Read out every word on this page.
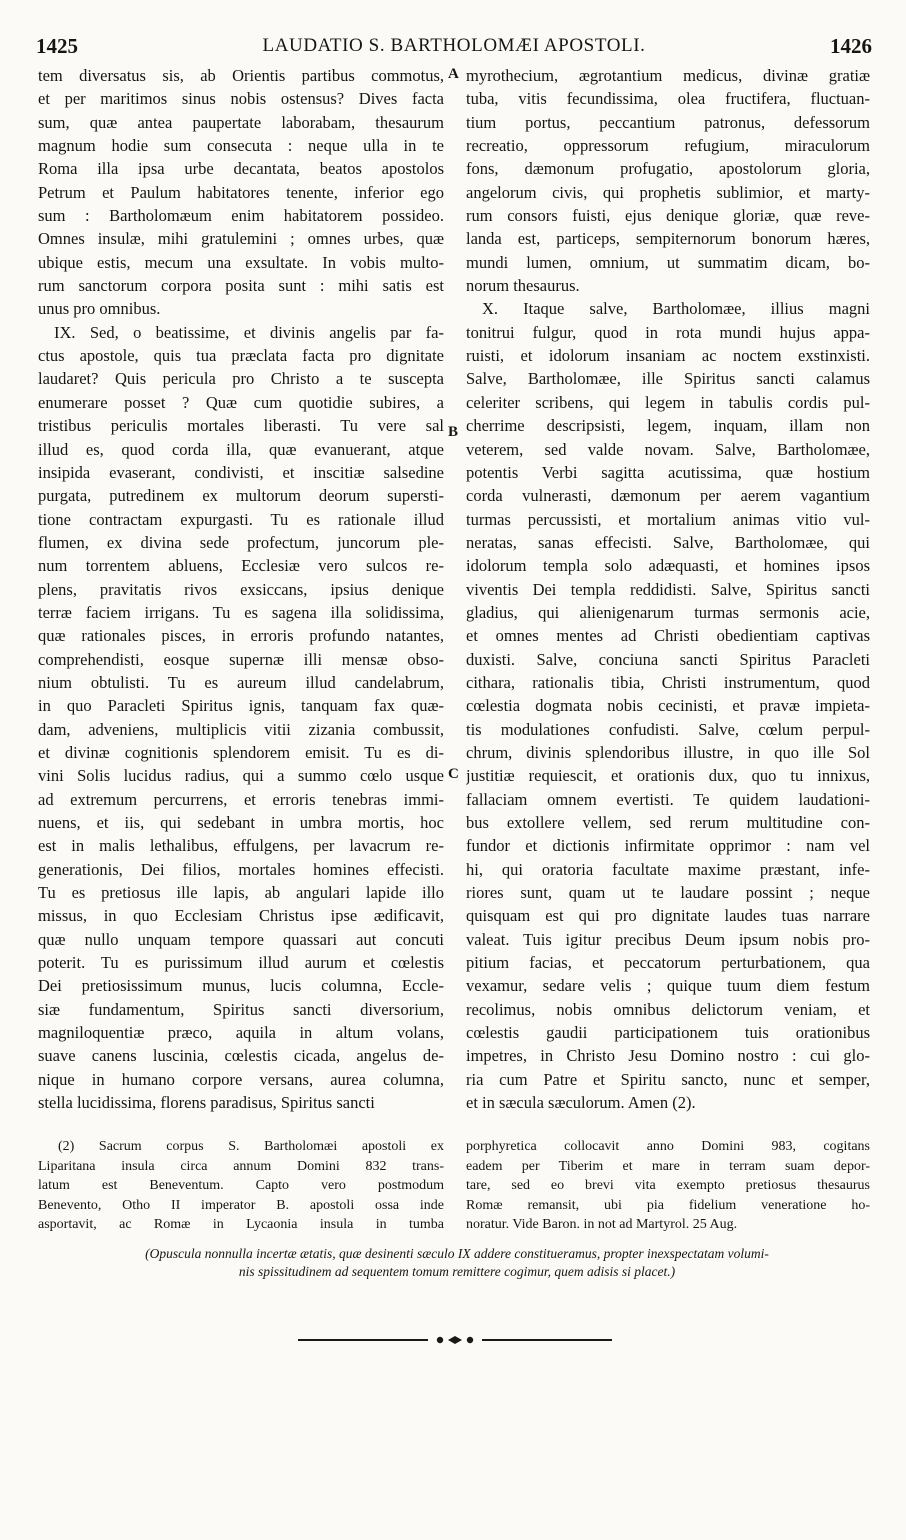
1425	LAUDATIO S. BARTHOLOMÆI APOSTOLI.	1426
tem diversatus sis, ab Orientis partibus commotus,
et per maritimos sinus nobis ostensus? Dives facta
sum, quæ antea paupertate laborabam, thesaurum
magnum hodie sum consecuta : neque ulla in te
Roma illa ipsa urbe decantata, beatos apostolos
Petrum et Paulum habitatores tenente, inferior ego
sum : Bartholomæum enim habitatorem possideo.
Omnes insulæ, mihi gratulemini ; omnes urbes, quæ
ubique estis, mecum una exsultate. In vobis multo-
rum sanctorum corpora posita sunt : mihi satis est
unus pro omnibus.
IX. Sed, o beatissime, et divinis angelis par fa-
ctus apostole, quis tua præclata facta pro dignitate
laudaret? Quis pericula pro Christo a te suscepta
enumerare posset ? Quæ cum quotidie subires, a
tristibus periculis mortales liberasti. Tu vere sal
illud es, quod corda illa, quæ evanuerant, atque
insipida evaserant, condivisti, et inscitiæ salsedine
purgata, putredinem ex multorum deorum supersti-
tione contractam expurgasti. Tu es rationale illud
flumen, ex divina sede profectum, juncorum ple-
num torrentem abluens, Ecclesiæ vero sulcos re-
plens, pravitatis rivos exsiccans, ipsius denique
terræ faciem irrigans. Tu es sagena illa solidissima,
quæ rationales pisces, in erroris profundo natantes,
comprehendisti, eosque supernæ illi mensæ obso-
nium obtulisti. Tu es aureum illud candelabrum,
in quo Paracleti Spiritus ignis, tanquam fax quæ-
dam, adveniens, multiplicis vitii zizania combussit,
et divinæ cognitionis splendorem emisit. Tu es di-
vini Solis lucidus radius, qui a summo cœlo usque
ad extremum percurrens, et erroris tenebras immi-
nuens, et iis, qui sedebant in umbra mortis, hoc
est in malis lethalibus, effulgens, per lavacrum re-
generationis, Dei filios, mortales homines effecisti.
Tu es pretiosus ille lapis, ab angulari lapide illo
missus, in quo Ecclesiam Christus ipse ædificavit,
quæ nullo unquam tempore quassari aut concuti
poterit. Tu es purissimum illud aurum et cœlestis
Dei pretiosissimum munus, lucis columna, Eccle-
siæ fundamentum, Spiritus sancti diversorium,
magniloquentiæ præco, aquila in altum volans,
suave canens luscinia, cœlestis cicada, angelus de-
nique in humano corpore versans, aurea columna,
stella lucidissima, florens paradisus, Spiritus sancti
myrothecium, ægrotantium medicus, divinæ gratiæ
tuba, vitis fecundissima, olea fructifera, fluctuan-
tium portus, peccantium patronus, defessorum
recreatio, oppressorum refugium, miraculorum
fons, dæmonum profugatio, apostolorum gloria,
angelorum civis, qui prophetis sublimior, et marty-
rum consors fuisti, ejus denique gloriæ, quæ reve-
landa est, particeps, sempiternorum bonorum hæres,
mundi lumen, omnium, ut summatim dicam, bo-
norum thesaurus.
X. Itaque salve, Bartholomæe, illius magni
tonitrui fulgur, quod in rota mundi hujus appa-
ruisti, et idolorum insaniam ac noctem exstinxisti.
Salve, Bartholomæe, ille Spiritus sancti calamus
celeriter scribens, qui legem in tabulis cordis pul-
cherrime descripsisti, legem, inquam, illam non
veterem, sed valde novam. Salve, Bartholomæe,
potentis Verbi sagitta acutissima, quæ hostium
corda vulnerasti, dæmonum per aerem vagantium
turmas percussisti, et mortalium animas vitio vul-
neratas, sanas effecisti. Salve, Bartholomæe, qui
idolorum templa solo adæquasti, et homines ipsos
viventis Dei templa reddidisti. Salve, Spiritus sancti
gladius, qui alienigenarum turmas sermonis acie,
et omnes mentes ad Christi obedientiam captivas
duxisti. Salve, conciuna sancti Spiritus Paracleti
cithara, rationalis tibia, Christi instrumentum, quod
cœlestia dogmata nobis cecinisti, et pravæ impieta-
tis modulationes confudisti. Salve, cœlum perpul-
chrum, divinis splendoribus illustre, in quo ille Sol
justitiæ requiescit, et orationis dux, quo tu innixus,
fallaciam omnem evertisti. Te quidem laudationi-
bus extollere vellem, sed rerum multitudine con-
fundor et dictionis infirmitate opprimor : nam vel
hi, qui oratoria facultate maxime præstant, infe-
riores sunt, quam ut te laudare possint ; neque
quisquam est qui pro dignitate laudes tuas narrare
valeat. Tuis igitur precibus Deum ipsum nobis pro-
pitium facias, et peccatorum perturbationem, qua
vexamur, sedare velis ; quique tuum diem festum
recolimus, nobis omnibus delictorum veniam, et
cœlestis gaudii participationem tuis orationibus
impetres, in Christo Jesu Domino nostro : cui glo-
ria cum Patre et Spiritu sancto, nunc et semper,
et in sæcula sæculorum. Amen (2).
A
B
C
(2) Sacrum corpus S. Bartholomæi apostoli ex
Liparitana insula circa annum Domini 832 trans-
latum est Beneventum. Capto vero postmodum
Benevento, Otho II imperator B. apostoli ossa inde
asportavit, ac Romæ in Lycaonia insula in tumba
porphyretica collocavit anno Domini 983, cogitans
eadem per Tiberim et mare in terram suam depor-
tare, sed eo brevi vita exempto pretiosus thesaurus
Romæ remansit, ubi pia fidelium veneratione ho-
noratur. Vide Baron. in not ad Martyrol. 25 Aug.
(Opuscula nonnulla incertæ ætatis, quæ desinenti sæculo IX addere constitueramus, propter inexspectatam volumi-
nis spissitudinem ad sequentem tomum remittere cogimur, quem adisis si placet.)
